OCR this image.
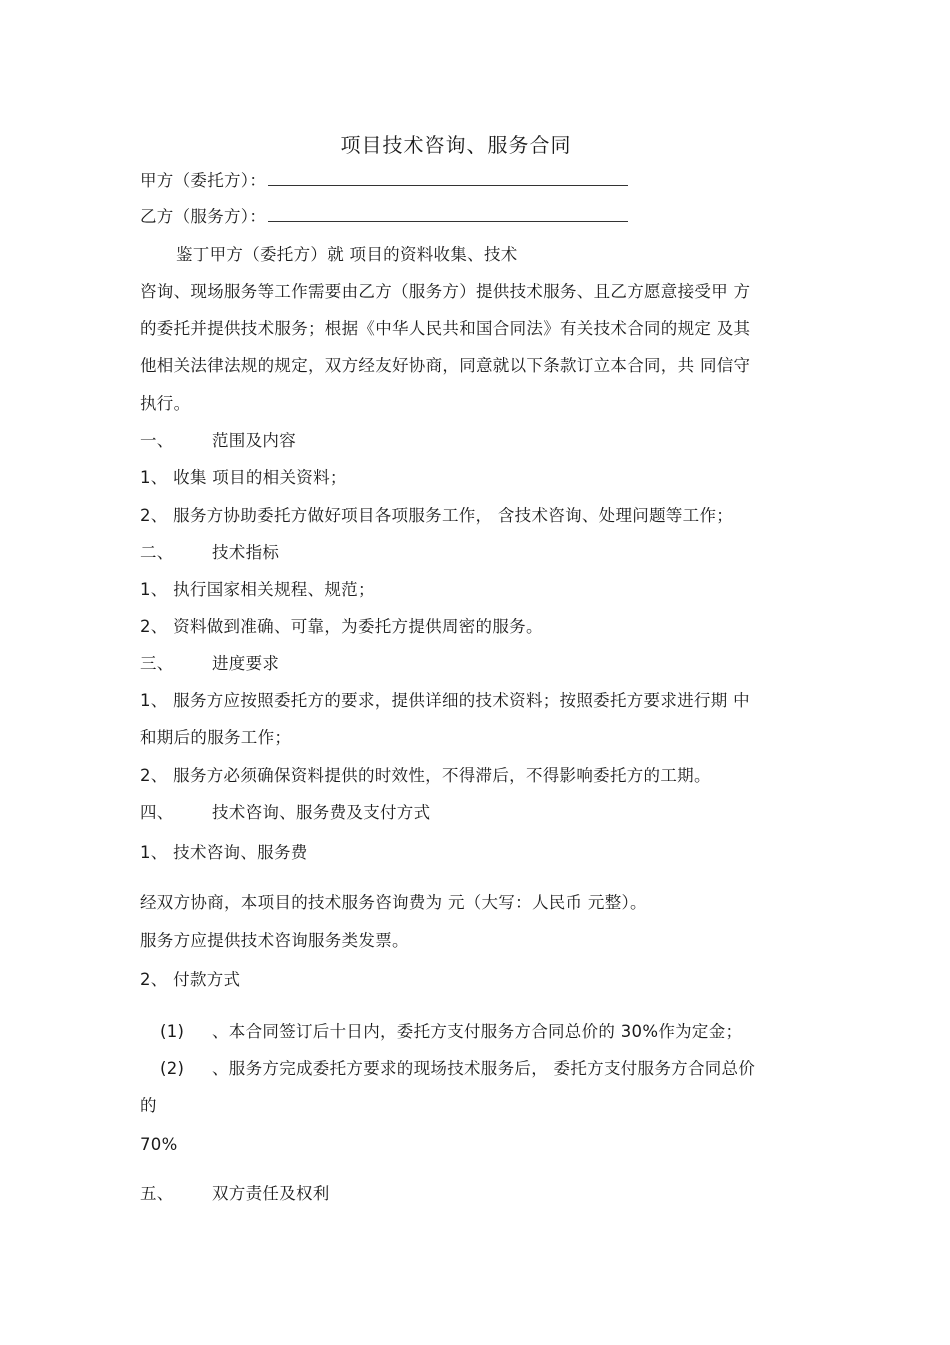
项目技术咨询、服务合同
甲方（委托方）：
乙方（服务方）：
鉴丁甲方（委托方）就 项目的资料收集、技术
咨询、现场服务等工作需要由乙方（服务方）提供技术服务、且乙方愿意接受甲 方
的委托并提供技术服务；根据《中华人民共和国合同法》有关技术合同的规定 及其
他相关法律法规的规定，双方经友好协商，同意就以下条款订立本合同，共 同信守
执行。
一、 范围及内容
1、 收集 项目的相关资料；
2、 服务方协助委托方做好项目各项服务工作， 含技术咨询、处理问题等工作；
二、 技术指标
1、 执行国家相关规程、规范；
2、 资料做到准确、可靠，为委托方提供周密的服务。
三、 进度要求
1、 服务方应按照委托方的要求，提供详细的技术资料；按照委托方要求进行期 中
和期后的服务工作；
2、 服务方必须确保资料提供的时效性，不得滞后，不得影响委托方的工期。
四、 技术咨询、服务费及支付方式
1、 技术咨询、服务费
经双方协商，本项目的技术服务咨询费为 元（大写：人民币 元整）。
服务方应提供技术咨询服务类发票。
2、 付款方式
(1) 、本合同签订后十日内，委托方支付服务方合同总价的 30%作为定金；
(2) 、服务方完成委托方要求的现场技术服务后， 委托方支付服务方合同总价
的
70%
五、 双方责任及权利
